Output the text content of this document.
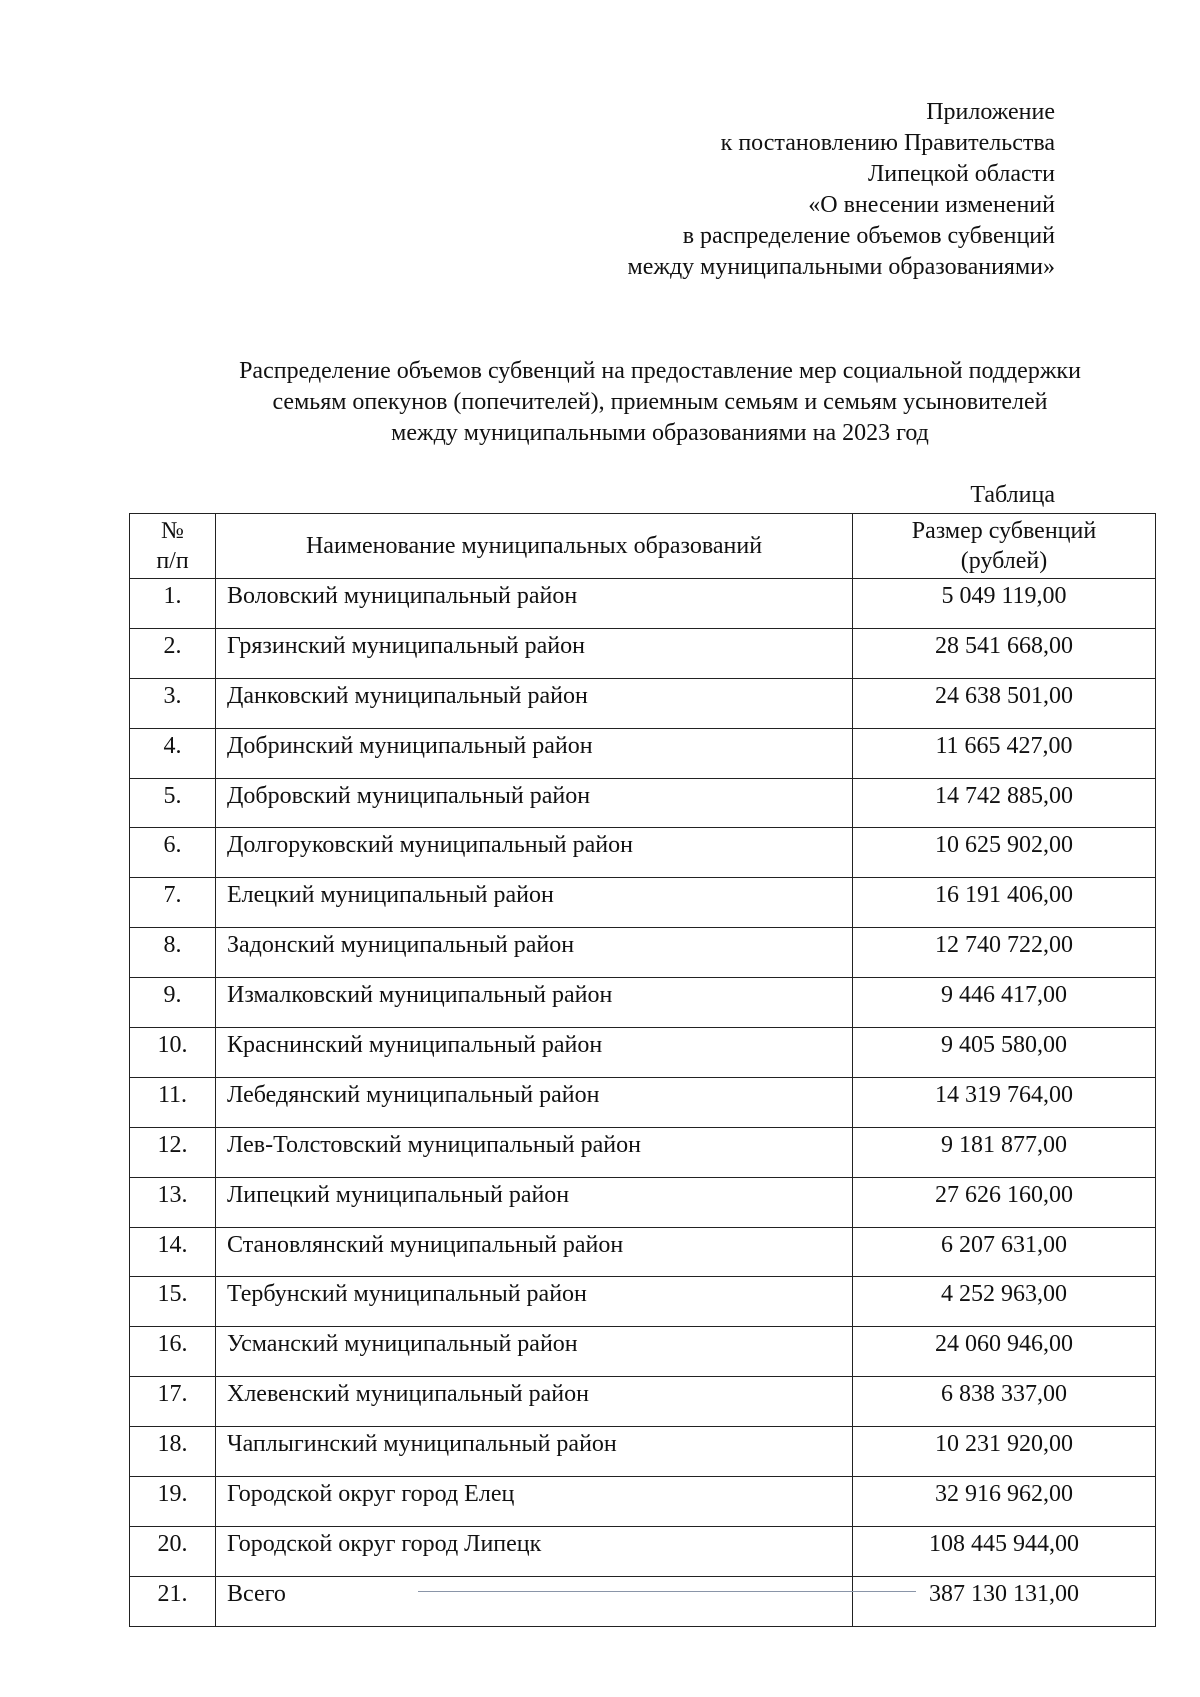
Приложение
к постановлению Правительства
Липецкой области
«О внесении изменений
в распределение объемов субвенций
между муниципальными образованиями»
Распределение объемов субвенций на предоставление мер социальной поддержки
семьям опекунов (попечителей), приемным семьям и семьям усыновителей
между муниципальными образованиями на 2023 год
Таблица
№
п/п	Наименование муниципальных образований	Размер субвенций
(рублей)

1.	Воловский муниципальный район	5 049 119,00
2.	Грязинский муниципальный район	28 541 668,00
3.	Данковский муниципальный район	24 638 501,00
4.	Добринский муниципальный район	11 665 427,00
5.	Добровский муниципальный район	14 742 885,00
6.	Долгоруковский муниципальный район	10 625 902,00
7.	Елецкий муниципальный район	16 191 406,00
8.	Задонский муниципальный район	12 740 722,00
9.	Измалковский муниципальный район	9 446 417,00
10.	Краснинский муниципальный район	9 405 580,00
11.	Лебедянский муниципальный район	14 319 764,00
12.	Лев-Толстовский муниципальный район	9 181 877,00
13.	Липецкий муниципальный район	27 626 160,00
14.	Становлянский муниципальный район	6 207 631,00
15.	Тербунский муниципальный район	4 252 963,00
16.	Усманский муниципальный район	24 060 946,00
17.	Хлевенский муниципальный район	6 838 337,00
18.	Чаплыгинский муниципальный район	10 231 920,00
19.	Городской округ город Елец	32 916 962,00
20.	Городской округ город Липецк	108 445 944,00
21.	Всего	387 130 131,00
